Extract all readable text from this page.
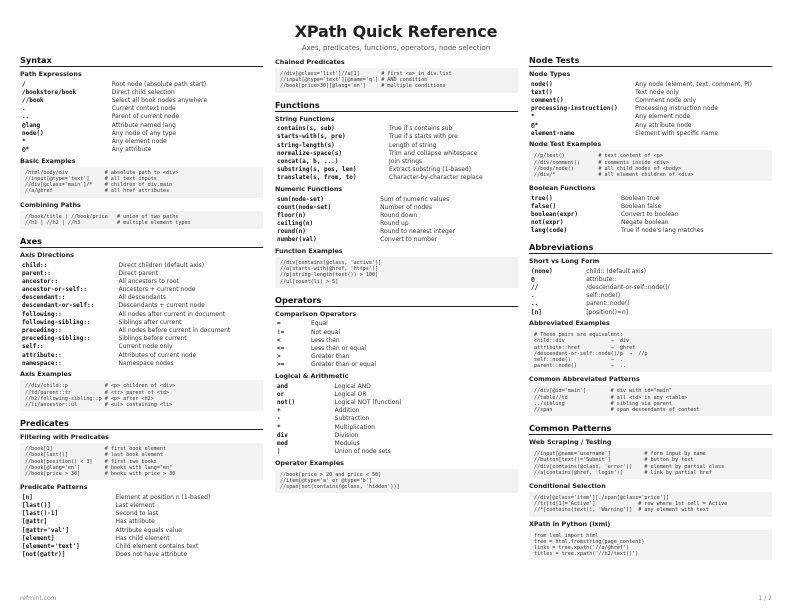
XPath Quick Reference
Axes, predicates, functions, operators, node selection
Syntax
Path Expressions
/	Root node (absolute path start)
/bookstore/book	Direct child selection
//book	Select all book nodes anywhere
.	Current context node
..	Parent of current node
@lang	Attribute named lang
node()	Any node of any type
*	Any element node
@*	Any attribute
Basic Examples
/html/body/div            # absolute path to <div>
//input[@type='text']     # all text inputs
//div[@class='main']/*    # children of div.main
//a/@href                 # all href attributes
Combining Paths
//book/title | //book/price   # union of two paths
//h1 | //h2 | //h3            # multiple element types
Axes
Axis Directions
child::	Direct children (default axis)
parent::	Direct parent
ancestor::	All ancestors to root
ancestor-or-self::	Ancestors + current node
descendant::	All descendants
descendant-or-self::	Descendants + current node
following::	All nodes after current in document
following-sibling::	Siblings after current
preceding::	All nodes before current in document
preceding-sibling::	Siblings before current
self::	Current node only
attribute::	Attributes of current node
namespace::	Namespace nodes
Axis Examples
//div/child::p            # <p> children of <div>
//td/parent::tr           # <tr> parent of <td>
//h2/following-sibling::p # <p> after <h2>
//li/ancestor::ul         # <ul> containing <li>
Predicates
Filtering with Predicates
//book[1]                 # first book element
//book[last()]            # last book element
//book[position() < 3]    # first two books
//book[@lang='en']        # books with lang="en"
//book[price > 30]        # books with price > 30
Predicate Patterns
[n]	Element at position n (1-based)
[last()]	Last element
[last()-1]	Second to last
[@attr]	Has attribute
[@attr='val']	Attribute equals value
[element]	Has child element
[element='text']	Child element contains text
[not(@attr)]	Does not have attribute
Chained Predicates
//div[@class='list']//a[1]       # first <a> in div.list
//input[@type='text'][@name='q'] # AND condition
//book[price>30][@lang='en']     # multiple conditions
Functions
String Functions
contains(s, sub)	True if s contains sub
starts-with(s, pre)	True if s starts with pre
string-length(s)	Length of string
normalize-space(s)	Trim and collapse whitespace
concat(a, b, ...)	Join strings
substring(s, pos, len)	Extract substring (1-based)
translate(s, from, to)	Character-by-character replace
Numeric Functions
sum(node-set)	Sum of numeric values
count(node-set)	Number of nodes
floor(n)	Round down
ceiling(n)	Round up
round(n)	Round to nearest integer
number(val)	Convert to number
Function Examples
//div[contains(@class, 'active')]
//a[starts-with(@href, 'https')]
//p[string-length(text()) > 100]
//ul[count(li) > 5]
Operators
Comparison Operators
=	Equal
!=	Not equal
<	Less than
<=	Less than or equal
>	Greater than
>=	Greater than or equal
Logical & Arithmetic
and	Logical AND
or	Logical OR
not()	Logical NOT (function)
+	Addition
-	Subtraction
*	Multiplication
div	Division
mod	Modulus
|	Union of node sets
Operator Examples
//book[price > 20 and price < 50]
//item[@type='a' or @type='b']
//span[not(contains(@class, 'hidden'))]
Node Tests
Node Types
node()	Any node (element, text, comment, PI)
text()	Text node only
comment()	Comment node only
processing-instruction()	Processing instruction node
*	Any element node
@*	Any attribute node
element-name	Element with specific name
Node Test Examples
//p/text()           # text content of <p>
//div/comment()      # comments inside <div>
//body/node()        # all child nodes of <body>
//div/*              # all element children of <div>
Boolean Functions
true()	Boolean true
false()	Boolean false
boolean(expr)	Convert to boolean
not(expr)	Negate boolean
lang(code)	True if node's lang matches
Abbreviations
Short vs Long Form
(none)	child:: (default axis)
@	attribute::
//	/descendant-or-self::node()/
.	self::node()
..	parent::node()
[n]	[position()=n]
Abbreviated Examples
# These pairs are equivalent:
child::div               →  div
attribute::href          →  @href
/descendant-or-self::node()/p  →  //p
self::node()             →  .
parent::node()           →  ..
Common Abbreviated Patterns
//div[@id='main']        # div with id="main"
//table//td              # all <td> in any <table>
../sibling               # sibling via parent
//span                   # span descendants of context
Common Patterns
Web Scraping / Testing
//input[@name='username']           # form input by name
//button[text()='Submit']           # button by text
//div[contains(@class, 'error')]    # element by partial class
//a[contains(@href, 'login')]       # link by partial href
Conditional Selection
//div[@class='item'][./span[@class='price']]
//tr[td[1]='Active']              # row where 1st cell = Active
//*[contains(text(), 'Warning')]  # any element with text
XPath in Python (lxml)
from lxml import html
tree = html.fromstring(page_content)
links = tree.xpath('//a/@href')
titles = tree.xpath('//h2/text()')
refmint.com	1 / 2
